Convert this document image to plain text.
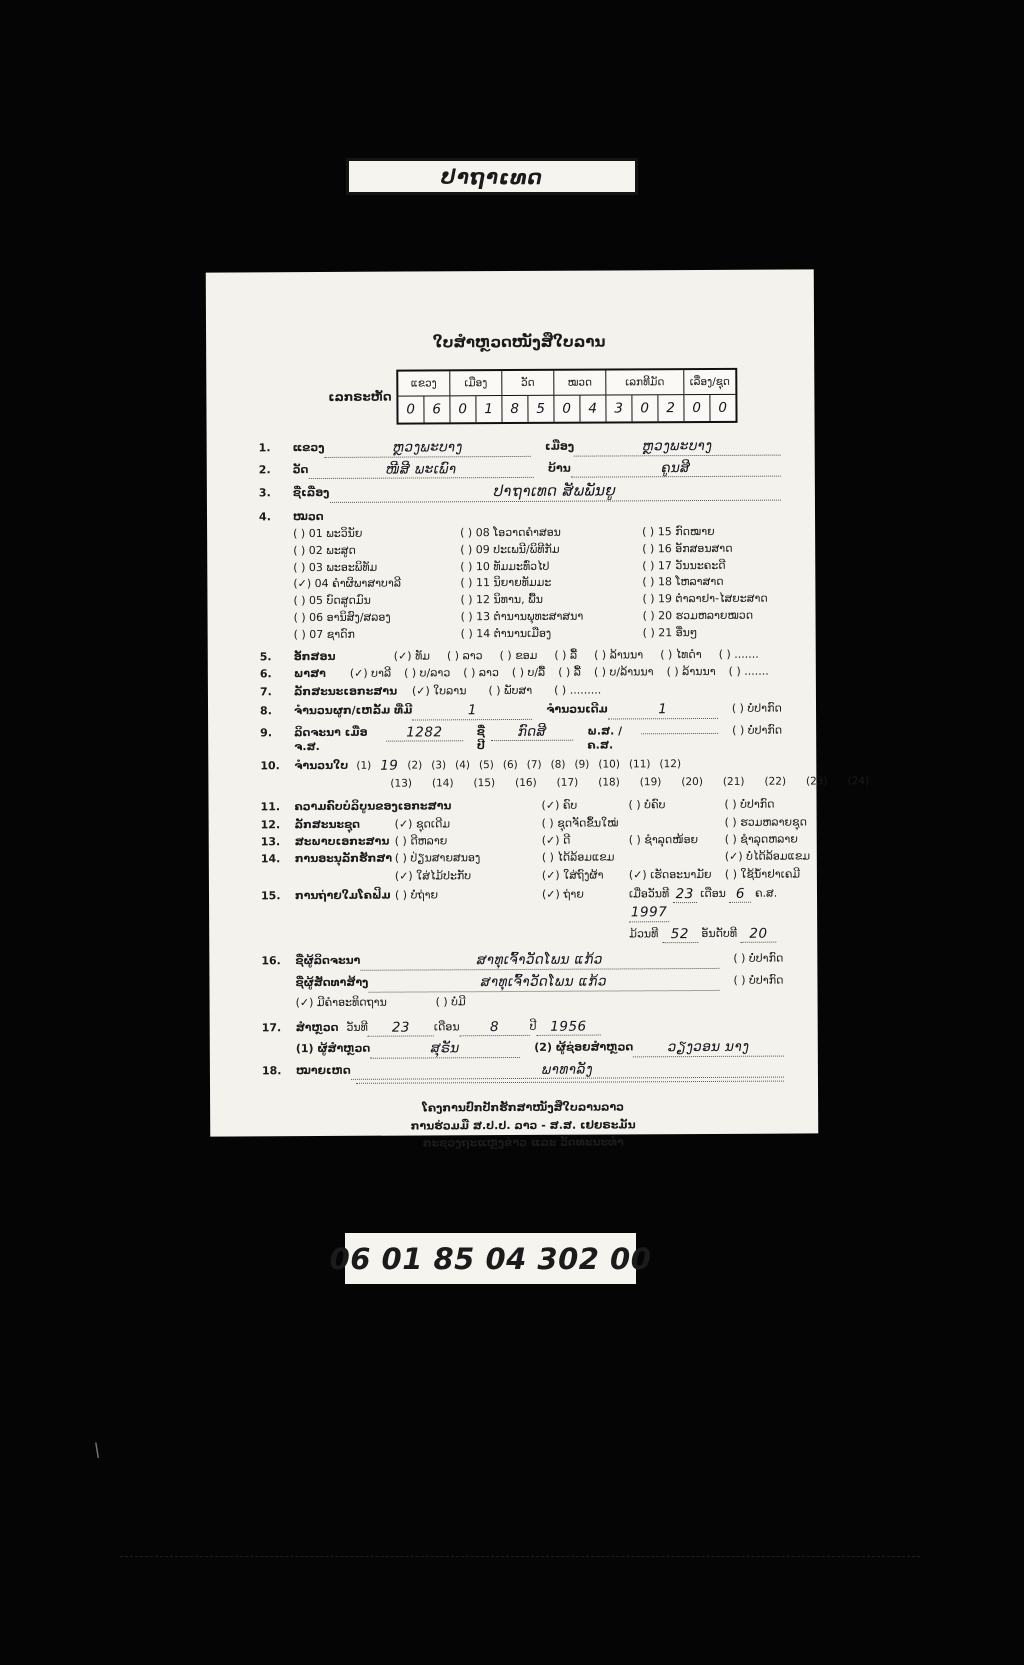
ປາຖາເທດ
ໃບສຳຫຼວດໜັງສືໃບລານ
ເລກຣະຫັດ
ແຂວງ
0 6
ເມືອງ
0 1
ວັດ
8 5
ໝວດ
0 4
ເລກທີມັດ
3 0 2
ເລື່ອງ/ຊຸດ
0 0
1.	ແຂວງ	ຫຼວງພະບາງ	ເມືອງ	ຫຼວງພະບາງ
2.	ວັດ	ໜີສີ ພະເພົາ	ບ້ານ	ຄູນສີ
3.	ຊື່ເລື່ອງ	ປາຖາເທດ ສັພພັນຍູ
4.	ໝວດ
( ) 01 ພະວິນັຍ
( ) 02 ພະສູດ
( ) 03 ພະອະພິທັມ
(✓) 04 ຄຳຜິພາສາບາລີ
( ) 05 ບົດສູດມົນ
( ) 06 ອານິສົງ/ສລອງ
( ) 07 ຊາດົກ
( ) 08 ໂອວາດຄຳສອນ
( ) 09 ປະເພນີ/ພິທີກັມ
( ) 10 ທັມມະທົ່ວໄປ
( ) 11 ນິຍາຍທັມມະ
( ) 12 ນິທານ, ພື້ນ
( ) 13 ຕຳນານພຸທະສາສນາ
( ) 14 ຕຳນານເມືອງ
( ) 15 ກົດໝາຍ
( ) 16 ອັກສອນສາດ
( ) 17 ວັນນະຄະດີ
( ) 18 ໂຫລາສາດ
( ) 19 ຕຳລາຢາ-ໄສຍະສາດ
( ) 20 ຮວມຫລາຍໝວດ
( ) 21 ອື່ນໆ
5.	ອັກສອນ	(✓) ທັມ ( ) ລາວ ( ) ຂອມ ( ) ລື້ ( ) ລ້ານນາ ( ) ໄທດຳ ( ) .......
6.	ພາສາ	(✓) ບາລີ ( ) ບ/ລາວ ( ) ລາວ ( ) ບ/ລື້ ( ) ລື້ ( ) ບ/ລ້ານນາ ( ) ລ້ານນາ ( ) .......
7.	ລັກສະນະເອກະສານ	(✓) ໃບລານ ( ) ພັບສາ ( ) .........
8.	ຈຳນວນຜູກ/ເຫລັ້ມ ທີ່ມີ	1	ຈຳນວນເດີມ	1	( ) ບໍ່ປາກົດ
9.	ລິດຈະນາ ເມື່ອ ຈ.ສ.
1282	ຊື່ປີ
ກົດສີ	ພ.ສ. /ຄ.ສ.
( ) ບໍ່ປາກົດ
10.	ຈຳນວນໃບ (1) 19 (2) (3) (4) (5) (6) (7) (8) (9) (10) (11) (12)
(13) (14) (15) (16) (17) (18) (19) (20) (21) (22) (23) (24)
11.	ຄວາມຄົບບໍລິບູນຂອງເອກະສານ	(✓) ຄົບ	( ) ບໍ່ຄົບ	( ) ບໍ່ປາກົດ
12.	ລັກສະນະຊຸດ	(✓) ຊຸດເດີມ	( ) ຊຸດຈັດຂຶ້ນໃໝ່	( ) ຮວມຫລາຍຊຸດ
13.	ສະພາບເອກະສານ ( ) ດີຫລາຍ	(✓) ດີ	( ) ຊຳລຸດໜ້ອຍ	( ) ຊຳລຸດຫລາຍ
14.	ການອະນຸລັກຮັກສາ ( ) ປ່ຽນສາຍສນອງ	( ) ໄດ້ລ້ອມແຂມ	(✓) ບໍ່ໄດ້ລ້ອມແຂມ
(✓) ໃສ່ໄມ້ປະກັບ	(✓) ໃສ່ຖົງຜ້າ	(✓) ເຮັດອະນາມັຍ	( ) ໃຊ້ນ້ຳຢາເຄມີ
15.	ການຖ່າຍໃມໂຄຟິມ ( ) ບໍ່ຖ່າຍ	(✓) ຖ່າຍ	ເມື່ອວັນທີ 23 ເດືອນ 6 ຄ.ສ. 1997
ມ້ວນທີ 52 ອັນດັບທີ 20
16.	ຊື່ຜູ້ລິດຈະນາ	ສາທຸເຈົ້າວັດໂພນ ແກ້ວ	( ) ບໍ່ປາກົດ
ຊື່ຜູ້ສັດທາສ້າງ	ສາທຸເຈົ້າວັດໂພນ ແກ້ວ	( ) ບໍ່ປາກົດ
(✓) ມີຄຳອະທິດຖານ	( ) ບໍ່ມີ
17.	ສຳຫຼວດ ວັນທີ	23	ເດືອນ	8	ປີ	1956
(1) ຜູ້ສຳຫຼວດ	ສຸຣັນ	(2) ຜູ້ຊ່ອຍສຳຫຼວດ	ວຽງວອນ ນາງ
18.	ໝາຍເຫດ	ພາທາລັງ
ໂຄງການປົກປັກຮັກສາໜັງສືໃບລານລາວ
ການຮ່ວມມື ສ.ປ.ປ. ລາວ - ສ.ສ. ເຢຍຣະມັນ
ກະຊວງຖະແຫຼງຂ່າວ ແລະ ວັດທະນະທຳ
06 01 85 04 302 00
\
